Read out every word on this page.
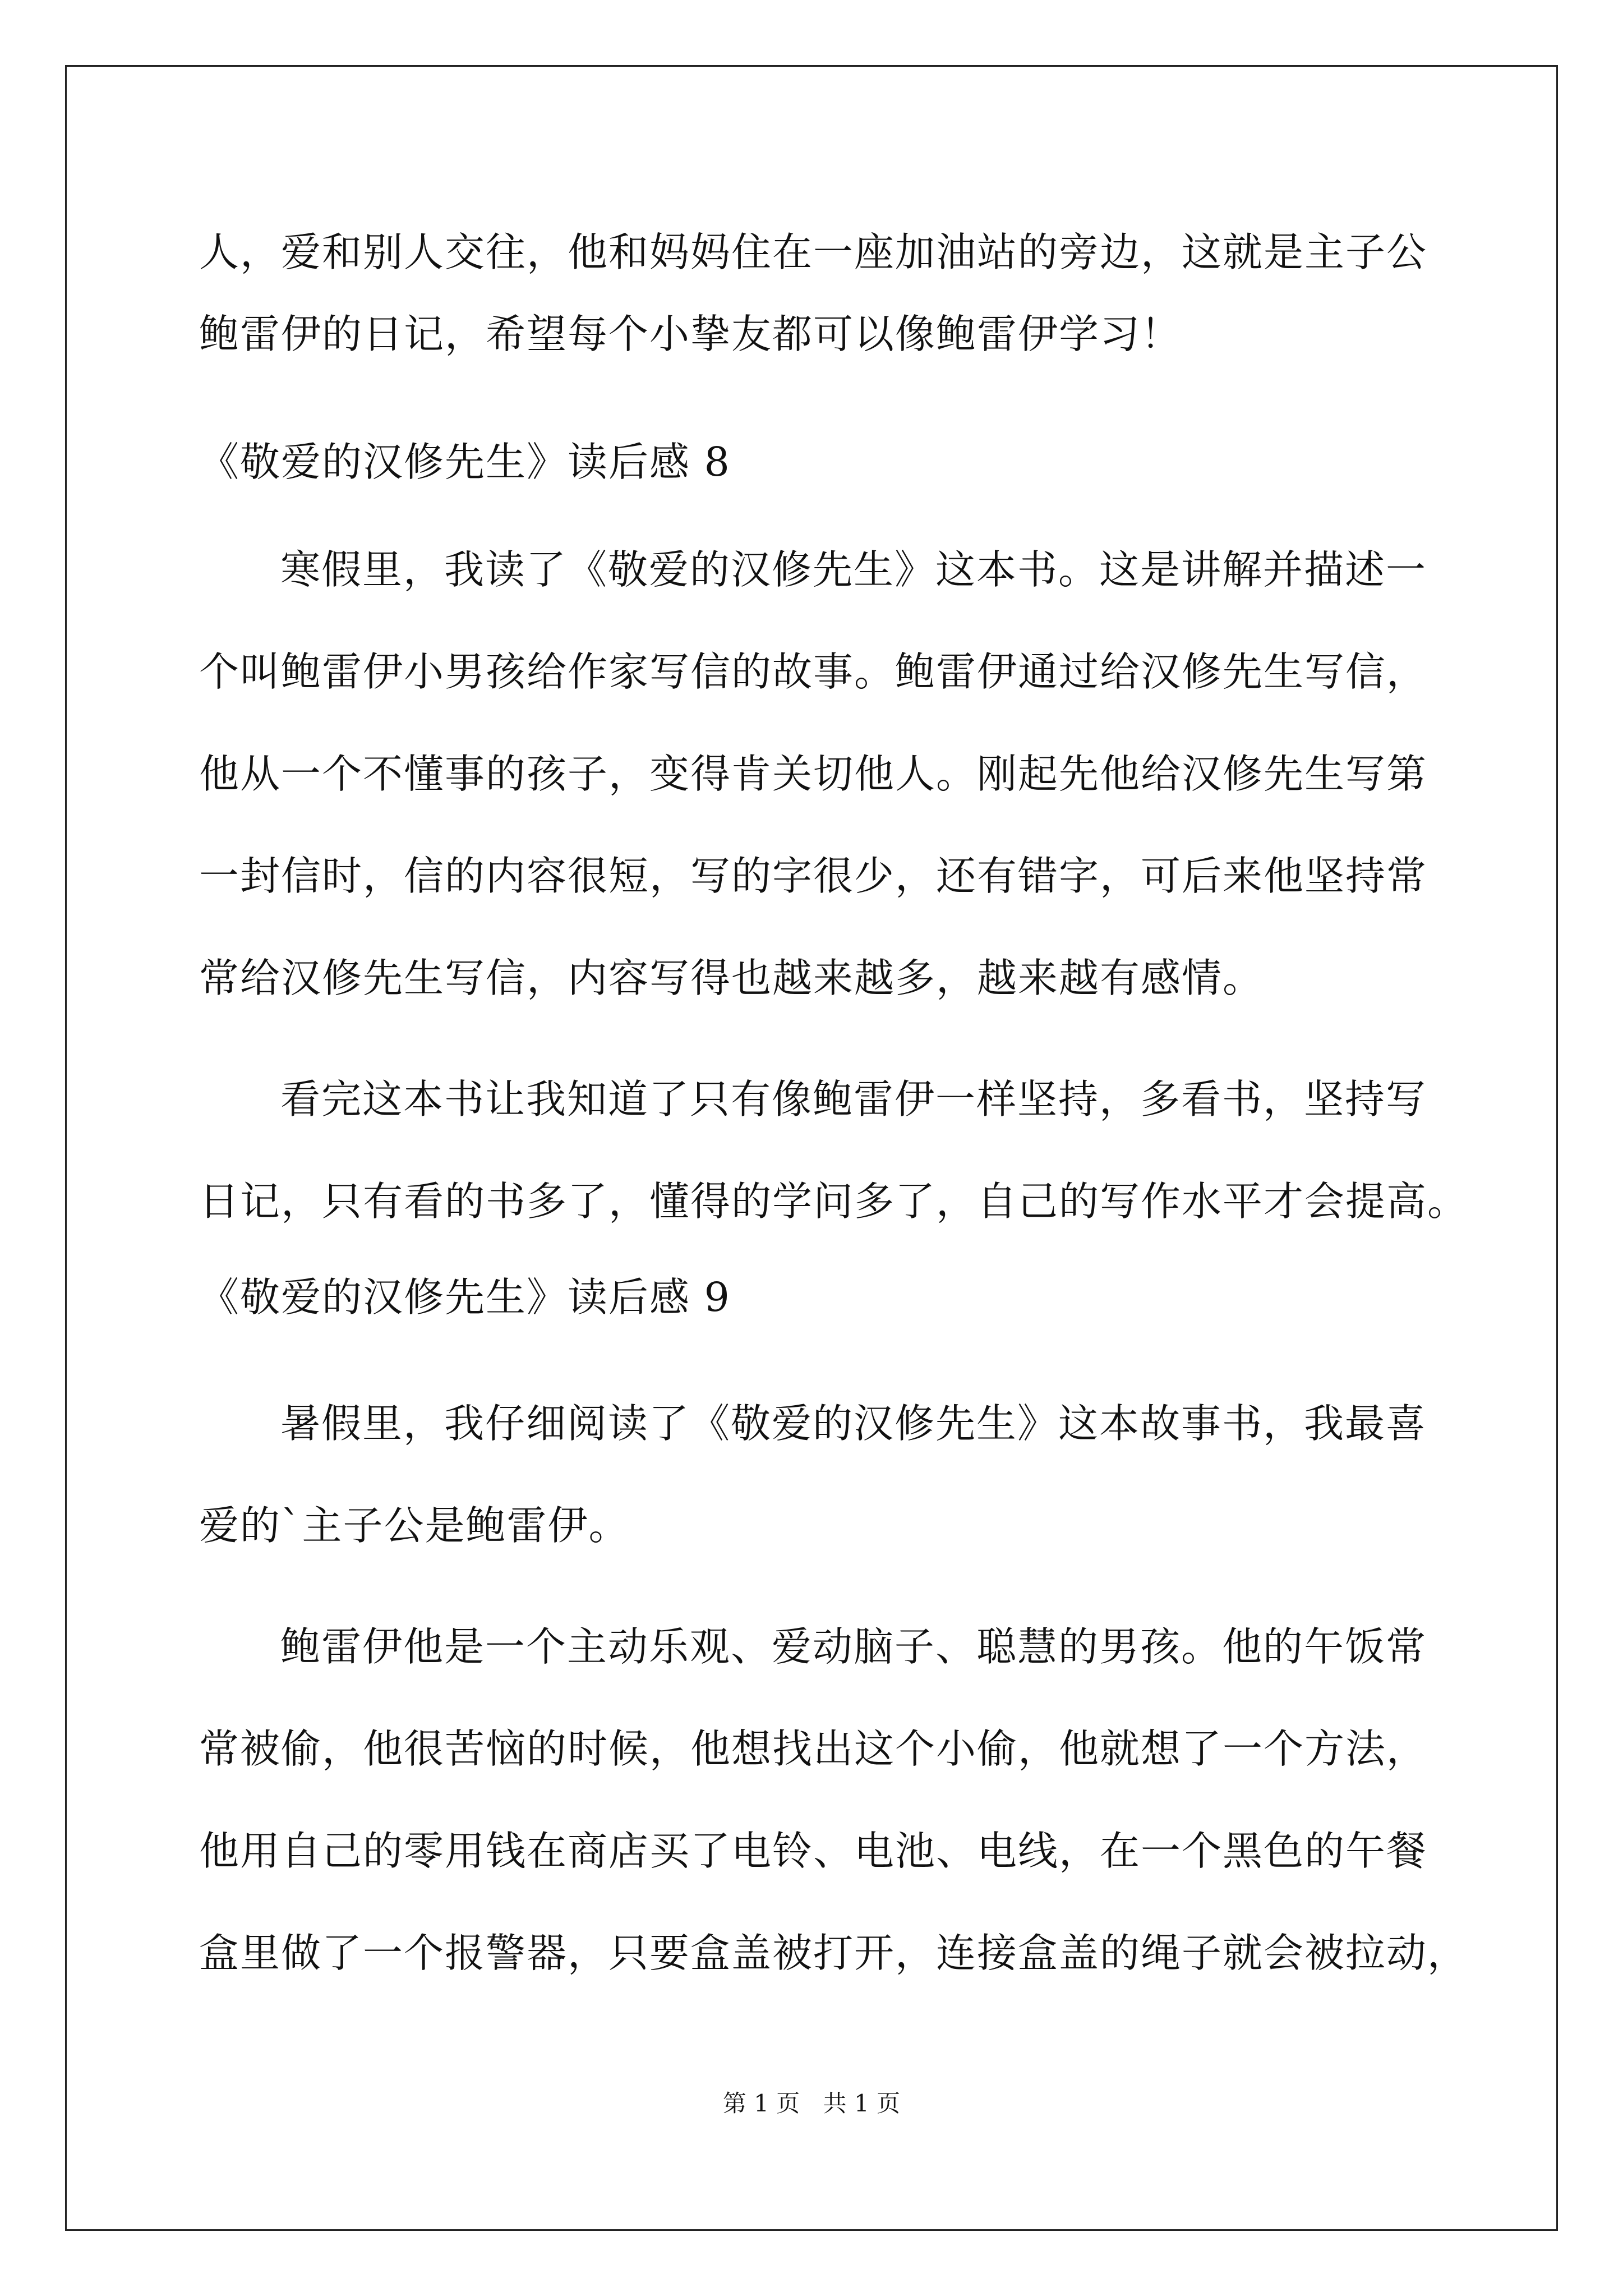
人，爱和别人交往，他和妈妈住在一座加油站的旁边，这就是主子公
鲍雷伊的日记，希望每个小挚友都可以像鲍雷伊学习！
《敬爱的汉修先生》读后感 8
寒假里，我读了《敬爱的汉修先生》这本书。这是讲解并描述一
个叫鲍雷伊小男孩给作家写信的故事。鲍雷伊通过给汉修先生写信，
他从一个不懂事的孩子，变得肯关切他人。刚起先他给汉修先生写第
一封信时，信的内容很短，写的字很少，还有错字，可后来他坚持常
常给汉修先生写信，内容写得也越来越多，越来越有感情。
看完这本书让我知道了只有像鲍雷伊一样坚持，多看书，坚持写
日记，只有看的书多了，懂得的学问多了，自己的写作水平才会提高。
《敬爱的汉修先生》读后感 9
暑假里，我仔细阅读了《敬爱的汉修先生》这本故事书，我最喜
爱的`主子公是鲍雷伊。
鲍雷伊他是一个主动乐观、爱动脑子、聪慧的男孩。他的午饭常
常被偷，他很苦恼的时候，他想找出这个小偷，他就想了一个方法，
他用自己的零用钱在商店买了电铃、电池、电线，在一个黑色的午餐
盒里做了一个报警器，只要盒盖被打开，连接盒盖的绳子就会被拉动，
第 1 页 共 1 页
